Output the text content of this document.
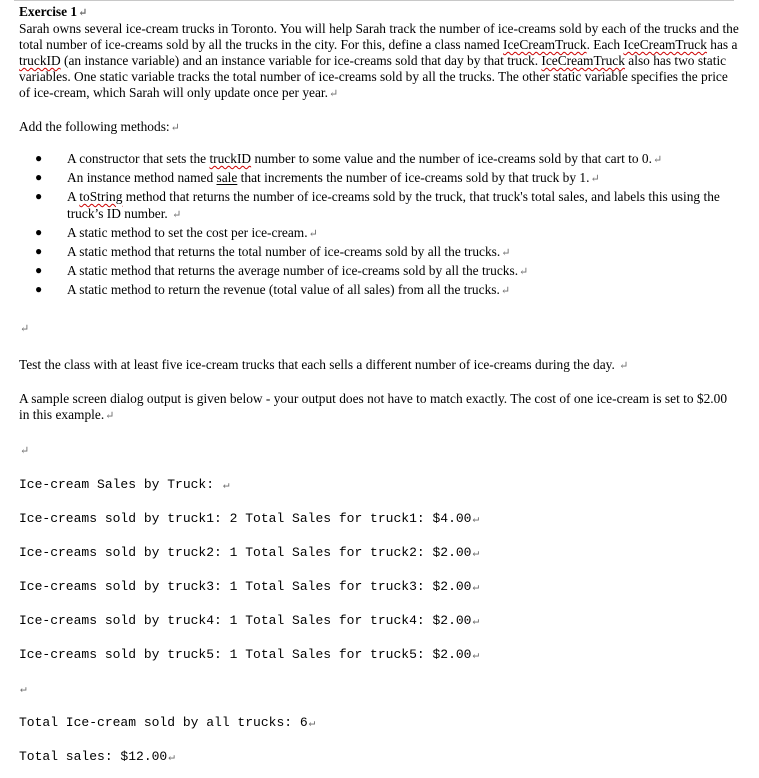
Exercise 1↵

Sarah owns several ice-cream trucks in Toronto. You will help Sarah track the number of ice-creams sold by each of the trucks and the total number of ice-creams sold by all the trucks in the city. For this, define a class named IceCreamTruck. Each IceCreamTruck has a truckID (an instance variable) and an instance variable for ice-creams sold that day by that truck. IceCreamTruck also has two static variables. One static variable tracks the total number of ice-creams sold by all the trucks. The other static variable specifies the price of ice-cream, which Sarah will only update once per year.↵

Add the following methods:↵

● A constructor that sets the truckID number to some value and the number of ice-creams sold by that cart to 0.↵
● An instance method named sale that increments the number of ice-creams sold by that truck by 1.↵
● A toString method that returns the number of ice-creams sold by the truck, that truck's total sales, and labels this using the truck’s ID number. ↵
● A static method to set the cost per ice-cream.↵
● A static method that returns the total number of ice-creams sold by all the trucks.↵
● A static method that returns the average number of ice-creams sold by all the trucks.↵
● A static method to return the revenue (total value of all sales) from all the trucks.↵
↵

Test the class with at least five ice-cream trucks that each sells a different number of ice-creams during the day. ↵

A sample screen dialog output is given below - your output does not have to match exactly. The cost of one ice-cream is set to $2.00 in this example.↵

↵
Ice-cream Sales by Truck: ↵
Ice-creams sold by truck1: 2 Total Sales for truck1: $4.00↵
Ice-creams sold by truck2: 1 Total Sales for truck2: $2.00↵
Ice-creams sold by truck3: 1 Total Sales for truck3: $2.00↵
Ice-creams sold by truck4: 1 Total Sales for truck4: $2.00↵
Ice-creams sold by truck5: 1 Total Sales for truck5: $2.00↵
↵
Total Ice-cream sold by all trucks: 6↵
Total sales: $12.00↵
